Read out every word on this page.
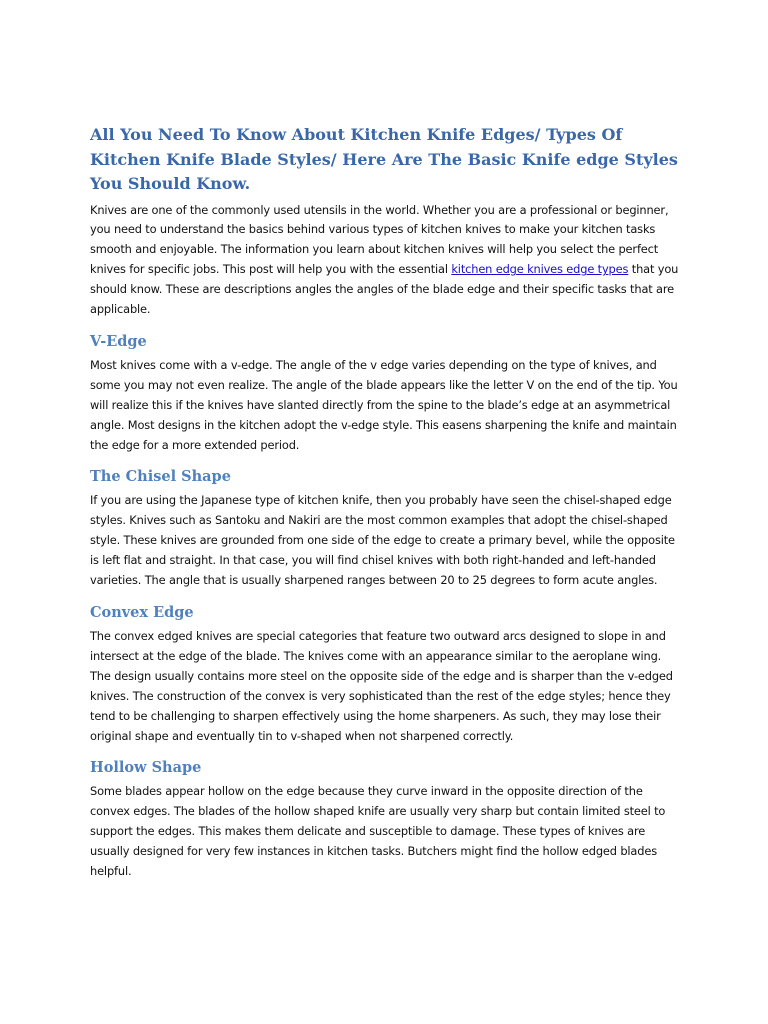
All You Need To Know About Kitchen Knife Edges/ Types Of Kitchen Knife Blade Styles/ Here Are The Basic Knife edge Styles You Should Know.

Knives are one of the commonly used utensils in the world. Whether you are a professional or beginner, you need to understand the basics behind various types of kitchen knives to make your kitchen tasks smooth and enjoyable. The information you learn about kitchen knives will help you select the perfect knives for specific jobs. This post will help you with the essential kitchen edge knives edge types that you should know. These are descriptions angles the angles of the blade edge and their specific tasks that are applicable.

V-Edge

Most knives come with a v-edge. The angle of the v edge varies depending on the type of knives, and some you may not even realize. The angle of the blade appears like the letter V on the end of the tip. You will realize this if the knives have slanted directly from the spine to the blade’s edge at an asymmetrical angle. Most designs in the kitchen adopt the v-edge style. This easens sharpening the knife and maintain the edge for a more extended period.

The Chisel Shape

If you are using the Japanese type of kitchen knife, then you probably have seen the chisel-shaped edge styles. Knives such as Santoku and Nakiri are the most common examples that adopt the chisel-shaped style. These knives are grounded from one side of the edge to create a primary bevel, while the opposite is left flat and straight. In that case, you will find chisel knives with both right-handed and left-handed varieties. The angle that is usually sharpened ranges between 20 to 25 degrees to form acute angles.

Convex Edge

The convex edged knives are special categories that feature two outward arcs designed to slope in and intersect at the edge of the blade. The knives come with an appearance similar to the aeroplane wing. The design usually contains more steel on the opposite side of the edge and is sharper than the v-edged knives. The construction of the convex is very sophisticated than the rest of the edge styles; hence they tend to be challenging to sharpen effectively using the home sharpeners. As such, they may lose their original shape and eventually tin to v-shaped when not sharpened correctly.

Hollow Shape

Some blades appear hollow on the edge because they curve inward in the opposite direction of the convex edges. The blades of the hollow shaped knife are usually very sharp but contain limited steel to support the edges. This makes them delicate and susceptible to damage. These types of knives are usually designed for very few instances in kitchen tasks. Butchers might find the hollow edged blades helpful.
